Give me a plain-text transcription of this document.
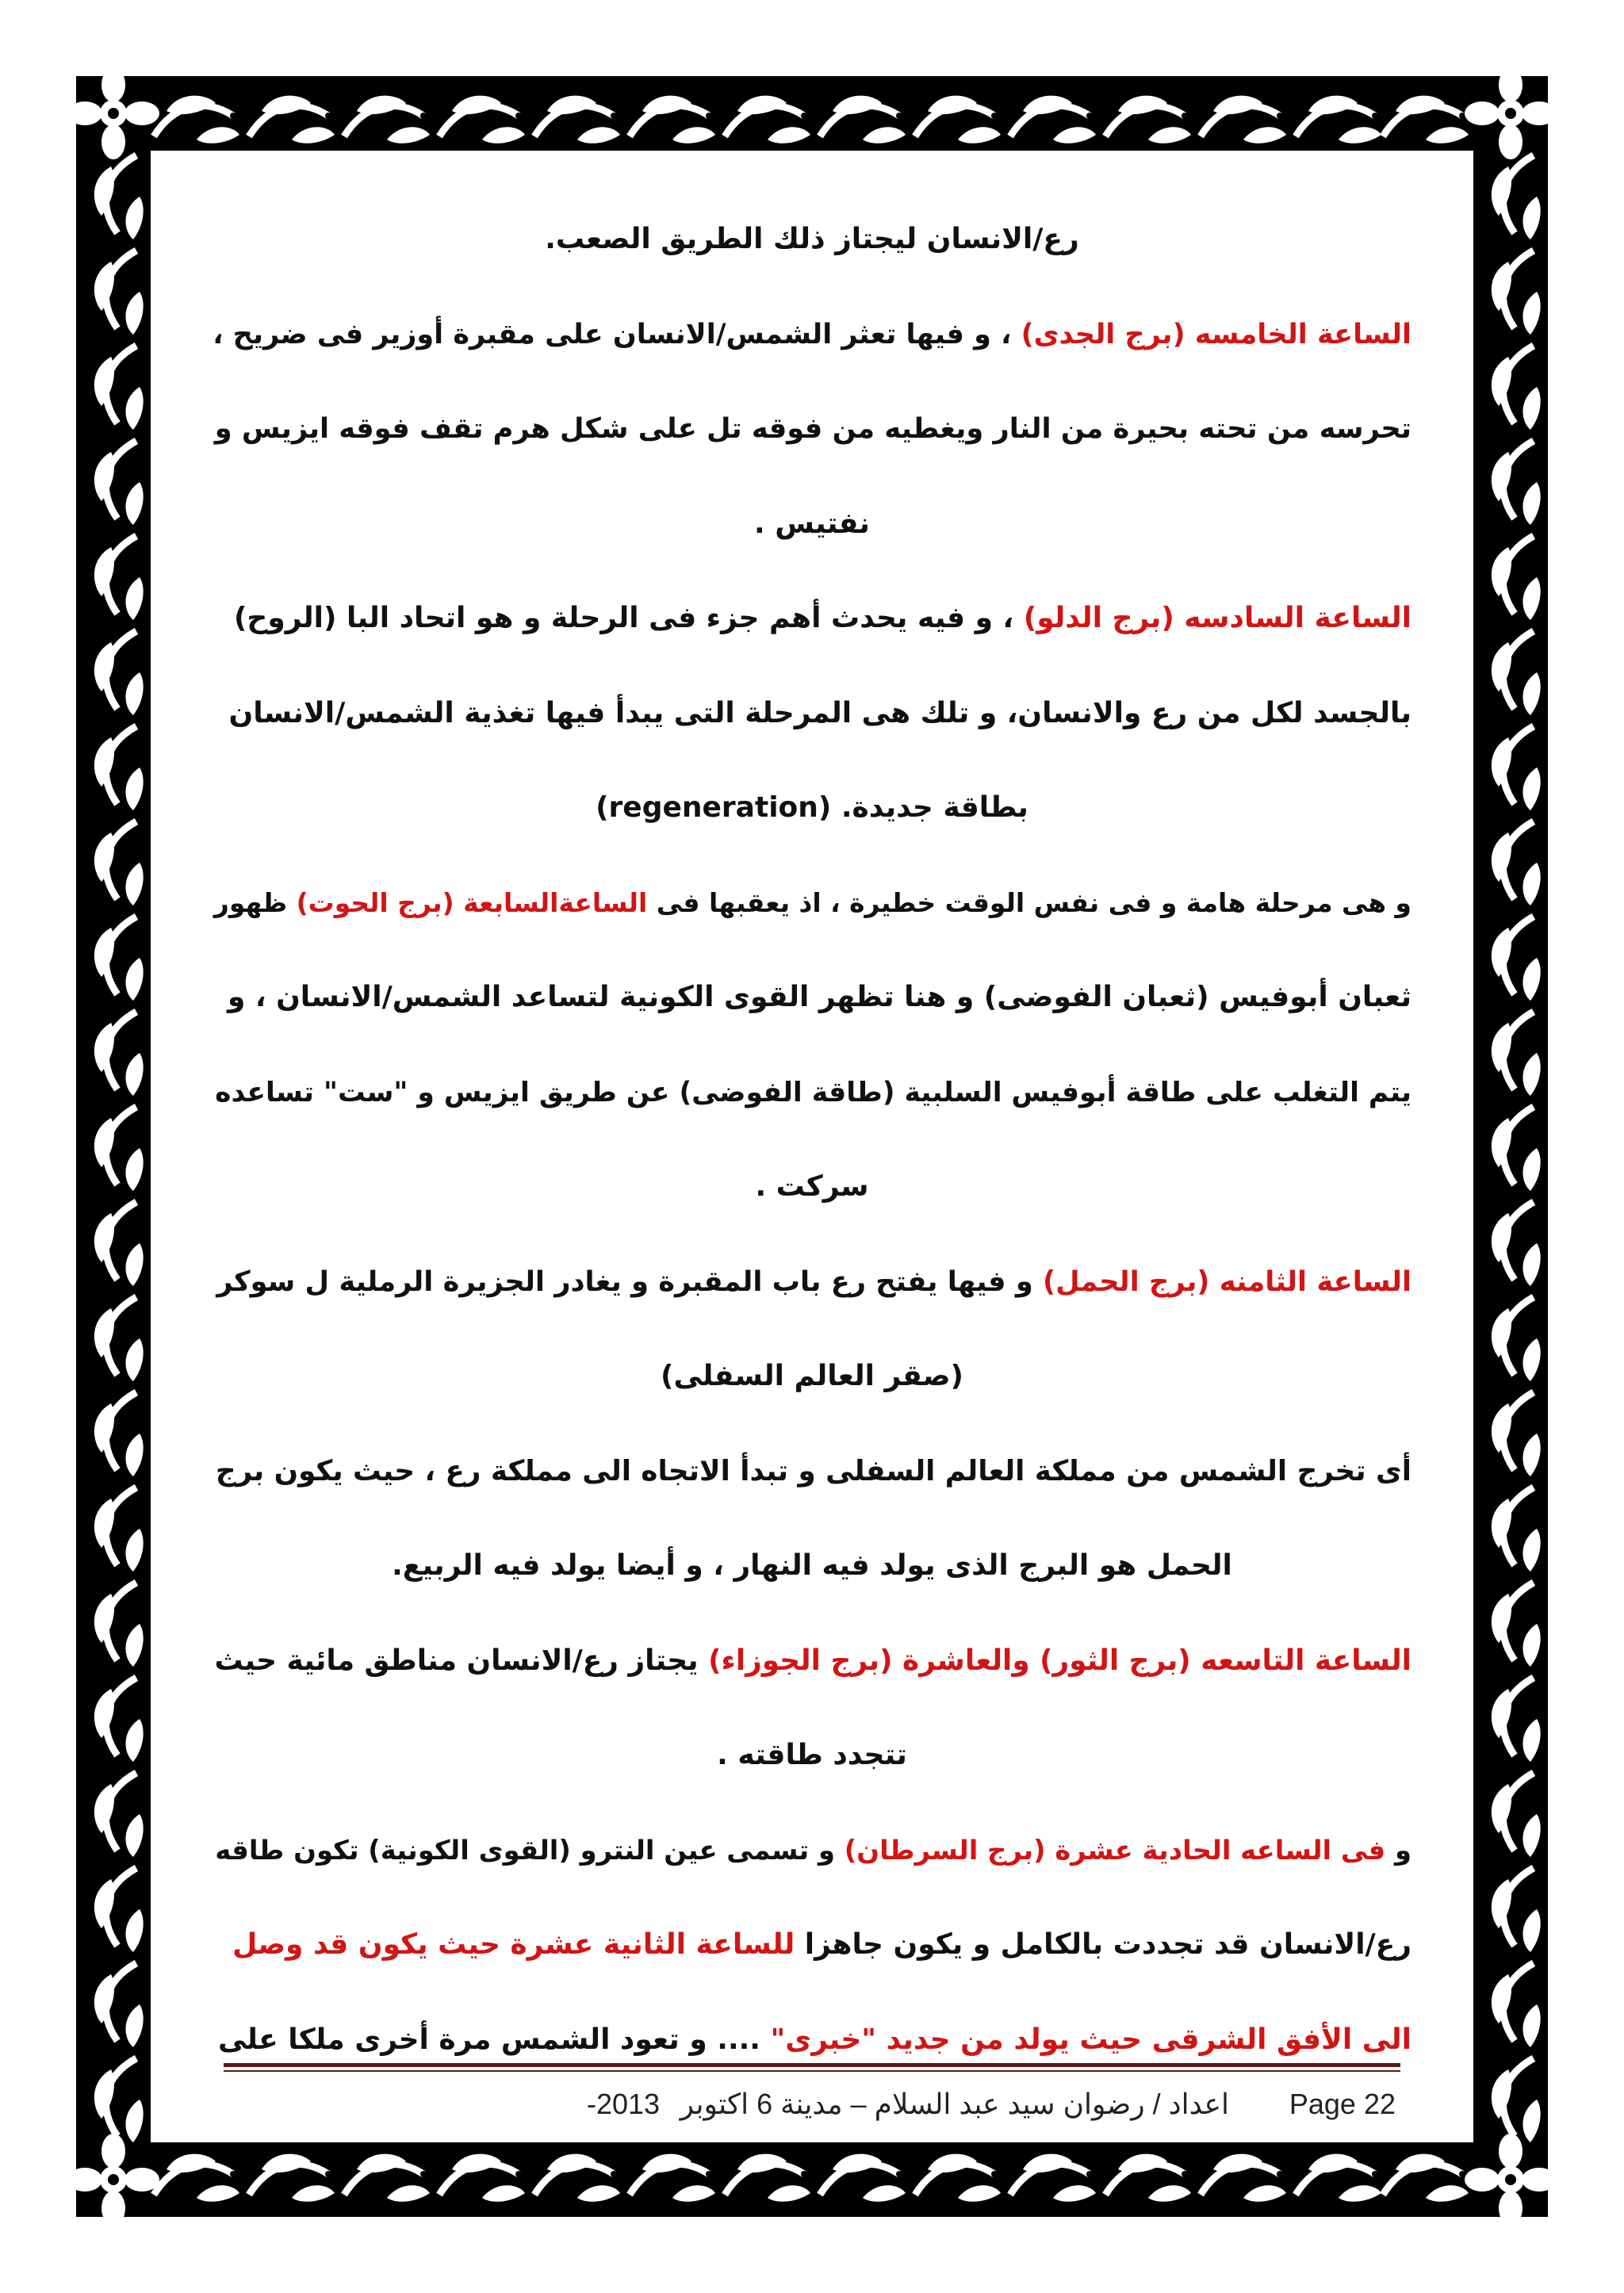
رع/الانسان ليجتاز ذلك الطريق الصعب.
الساعة الخامسه (برج الجدى) ، و فيها تعثر الشمس/الانسان على مقبرة أوزير فى ضريح ،
تحرسه من تحته بحيرة من النار ويغطيه من فوقه تل على شكل هرم تقف فوقه ايزيس و
نفتيس .
الساعة السادسه (برج الدلو) ، و فيه يحدث أهم جزء فى الرحلة و هو اتحاد البا (الروح)
بالجسد لكل من رع والانسان، و تلك هى المرحلة التى يبدأ فيها تغذية الشمس/الانسان
بطاقة جديدة. (regeneration)
و هى مرحلة هامة و فى نفس الوقت خطيرة ، اذ يعقبها فى الساعةالسابعة (برج الحوت) ظهور
ثعبان أبوفيس (ثعبان الفوضى) و هنا تظهر القوى الكونية لتساعد الشمس/الانسان ، و
يتم التغلب على طاقة أبوفيس السلبية (طاقة الفوضى) عن طريق ايزيس و "ست" تساعده
سركت .
الساعة الثامنه (برج الحمل) و فيها يفتح رع باب المقبرة و يغادر الجزيرة الرملية ل سوكر
(صقر العالم السفلى)
أى تخرج الشمس من مملكة العالم السفلى و تبدأ الاتجاه الى مملكة رع ، حيث يكون برج
الحمل هو البرج الذى يولد فيه النهار ، و أيضا يولد فيه الربيع.
الساعة التاسعه (برج الثور) والعاشرة (برج الجوزاء) يجتاز رع/الانسان مناطق مائية حيث
تتجدد طاقته .
و فى الساعه الحادية عشرة (برج السرطان) و تسمى عين النترو (القوى الكونية) تكون طاقه
رع/الانسان قد تجددت بالكامل و يكون جاهزا للساعة الثانية عشرة حيث يكون قد وصل
الى الأفق الشرقى حيث يولد من جديد "خبرى" .... و تعود الشمس مرة أخرى ملكا على
Page 22
اعداد / رضوان سيد عبد السلام – مدينة 6 اكتوبر
-2013
